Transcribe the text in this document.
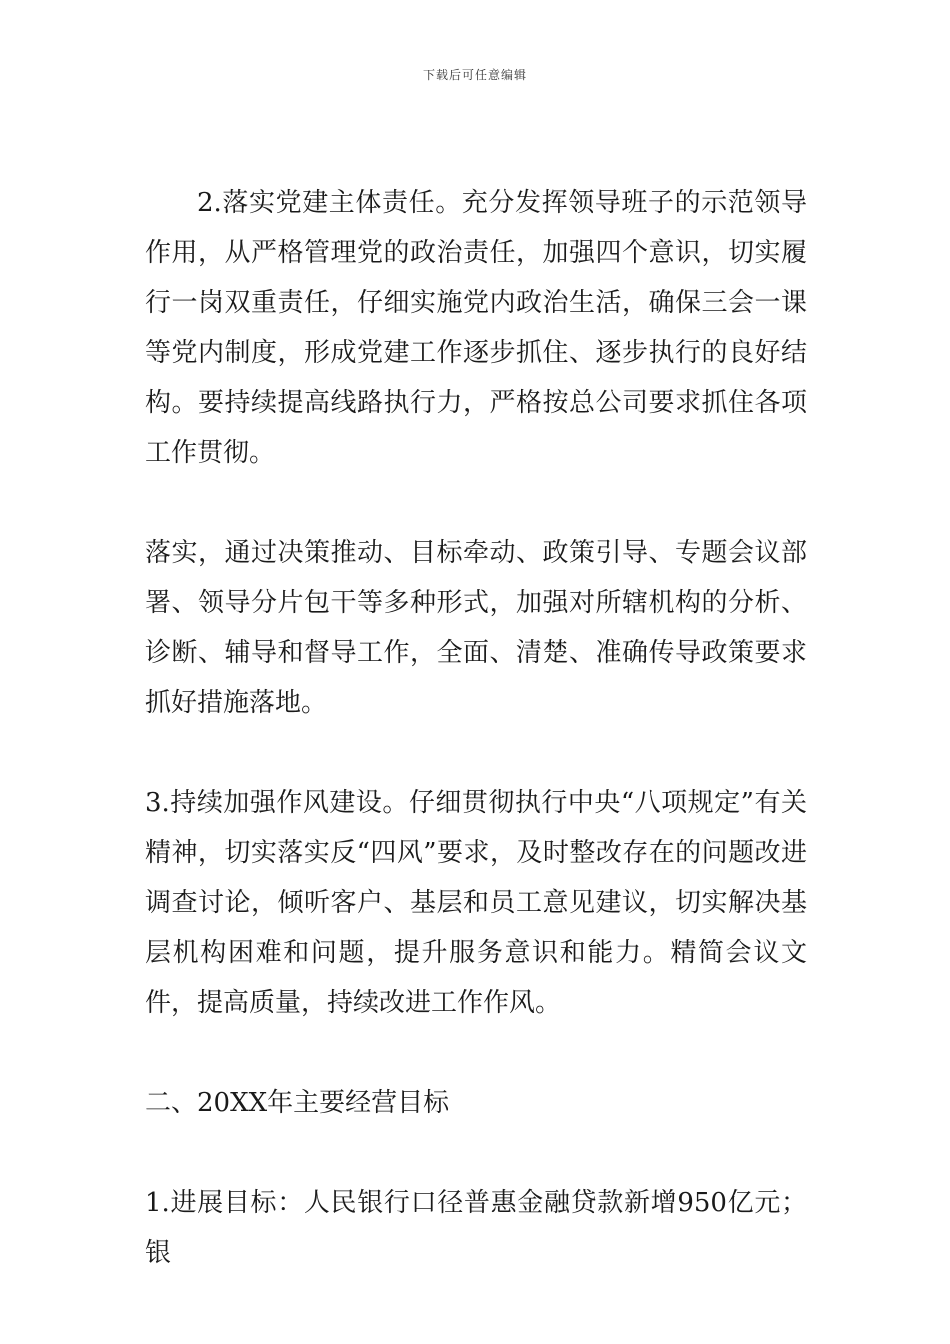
下载后可任意编辑

2.落实党建主体责任。充分发挥领导班子的示范领导作用，从严格管理党的政治责任，加强四个意识，切实履行一岗双重责任，仔细实施党内政治生活，确保三会一课等党内制度，形成党建工作逐步抓住、逐步执行的良好结构。要持续提高线路执行力，严格按总公司要求抓住各项工作贯彻。

落实，通过决策推动、目标牵动、政策引导、专题会议部署、领导分片包干等多种形式，加强对所辖机构的分析、诊断、辅导和督导工作，全面、清楚、准确传导政策要求抓好措施落地。

3.持续加强作风建设。仔细贯彻执行中央“八项规定”有关精神，切实落实反“四风”要求，及时整改存在的问题改进调查讨论，倾听客户、基层和员工意见建议，切实解决基层机构困难和问题，提升服务意识和能力。精简会议文件，提高质量，持续改进工作作风。

二、20XX年主要经营目标

1.进展目标：人民银行口径普惠金融贷款新增950亿元；银
